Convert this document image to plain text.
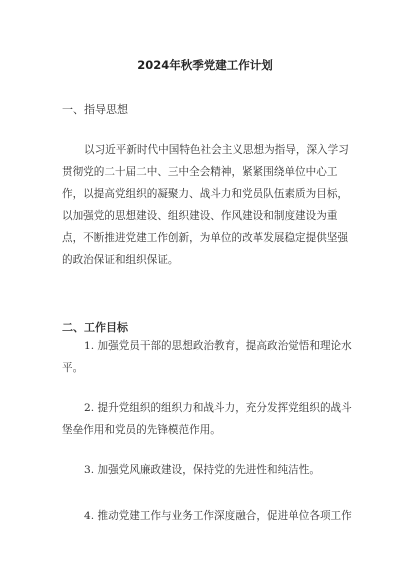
2024年秋季党建工作计划
一、指导思想
以习近平新时代中国特色社会主义思想为指导，深入学习
贯彻党的二十届二中、三中全会精神，紧紧围绕单位中心工
作，以提高党组织的凝聚力、战斗力和党员队伍素质为目标，
以加强党的思想建设、组织建设、作风建设和制度建设为重
点，不断推进党建工作创新，为单位的改革发展稳定提供坚强
的政治保证和组织保证。
二、工作目标
1. 加强党员干部的思想政治教育，提高政治觉悟和理论水
平。
2. 提升党组织的组织力和战斗力，充分发挥党组织的战斗
堡垒作用和党员的先锋模范作用。
3. 加强党风廉政建设，保持党的先进性和纯洁性。
4. 推动党建工作与业务工作深度融合，促进单位各项工作
